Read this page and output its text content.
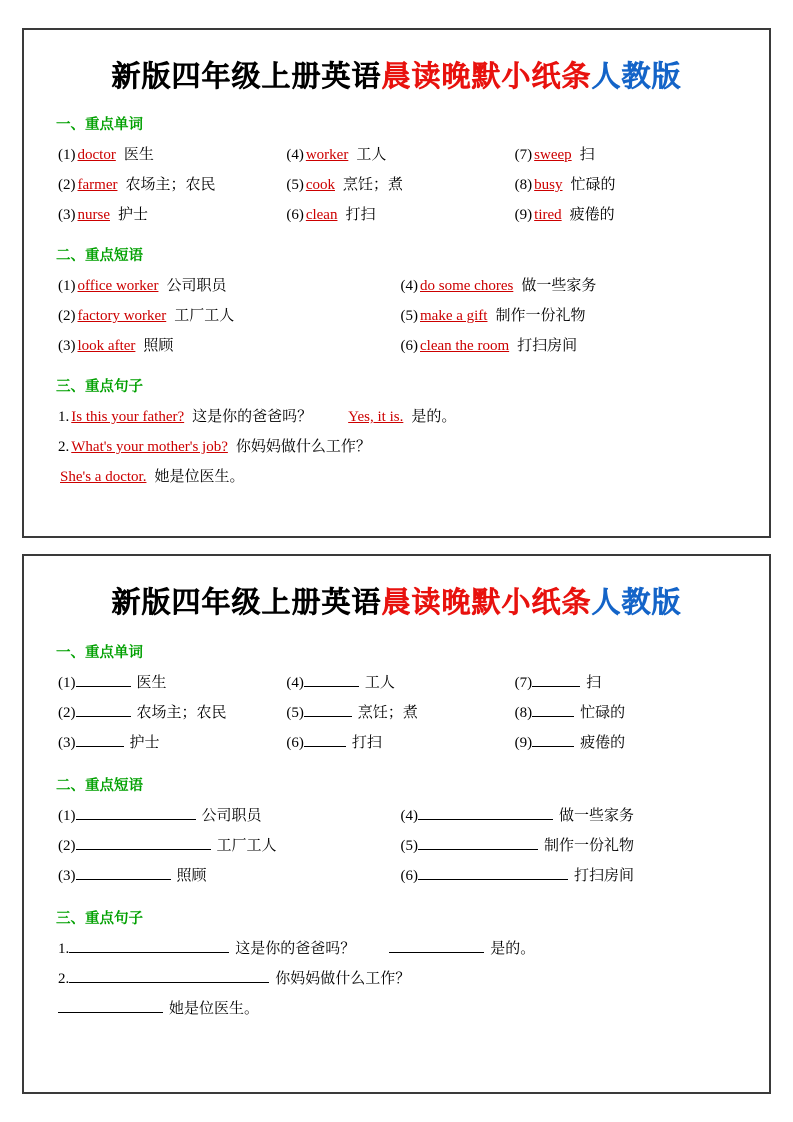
新版四年级上册英语晨读晚默小纸条人教版
一、重点单词
(1) doctor 医生	(4) worker 工人	(7) sweep 扫
(2) farmer 农场主；农民	(5) cook 烹饪；煮	(8) busy 忙碌的
(3) nurse 护士	(6) clean 打扫	(9) tired 疲倦的
二、重点短语
(1) office worker 公司职员	(4) do some chores 做一些家务
(2) factory worker 工厂工人	(5) make a gift 制作一份礼物
(3) look after 照顾	(6) clean the room 打扫房间
三、重点句子
1. Is this your father? 这是你的爸爸吗？ Yes, it is. 是的。
2. What's your mother's job? 你妈妈做什么工作？
She's a doctor. 她是位医生。
新版四年级上册英语晨读晚默小纸条人教版
一、重点单词
(1)	医生	(4)	工人	(7)	扫
(2)	农场主；农民	(5)	烹饪；煮	(8)	忙碌的
(3)	护士	(6)	打扫	(9)	疲倦的
二、重点短语
(1)	公司职员	(4)	做一些家务
(2)	工厂工人	(5)	制作一份礼物
(3)	照顾	(6)	打扫房间
三、重点句子
1.	这是你的爸爸吗？	是的。
2.	你妈妈做什么工作？
她是位医生。
